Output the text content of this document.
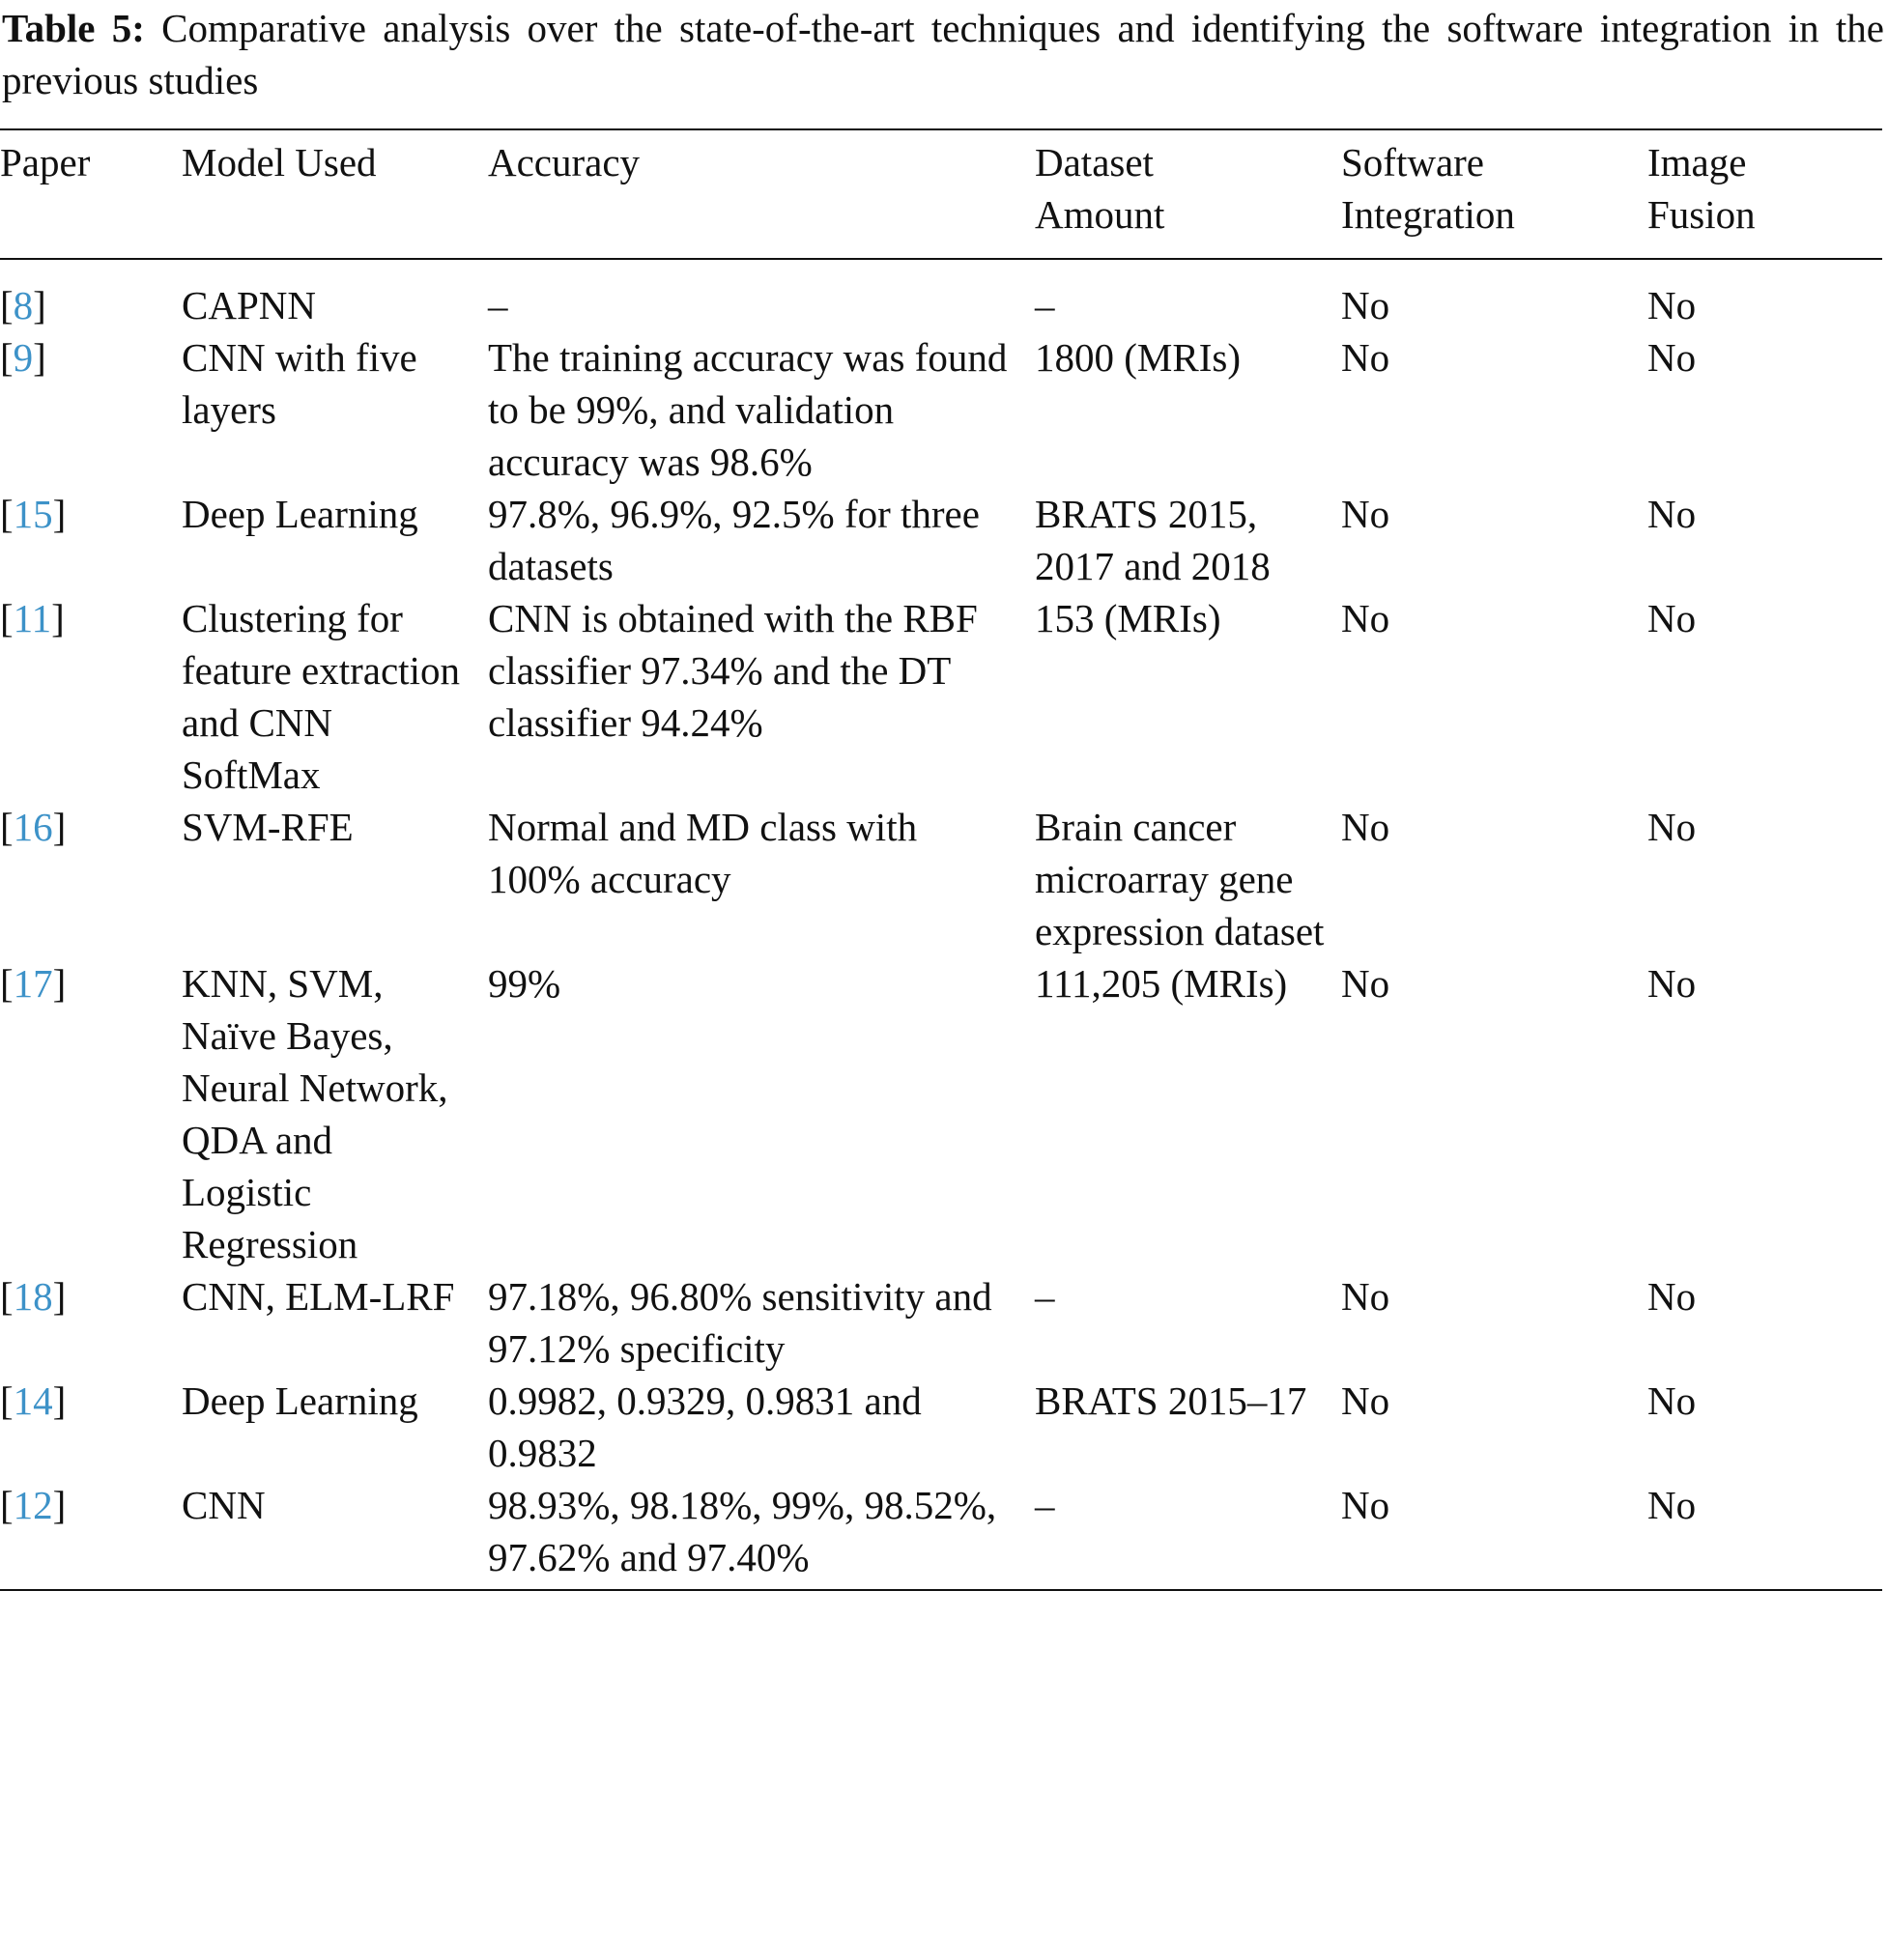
Table 5: Comparative analysis over the state-of-the-art techniques and identifying the software integration in the previous studies

Paper	Model Used	Accuracy	Dataset Amount	Software Integration	Image Fusion
[8]	CAPNN	–	–	No	No
[9]	CNN with five layers	The training accuracy was found to be 99%, and validation accuracy was 98.6%	1800 (MRIs)	No	No
[15]	Deep Learning	97.8%, 96.9%, 92.5% for three datasets	BRATS 2015, 2017 and 2018	No	No
[11]	Clustering for feature extraction and CNN SoftMax	CNN is obtained with the RBF classifier 97.34% and the DT classifier 94.24%	153 (MRIs)	No	No
[16]	SVM-RFE	Normal and MD class with 100% accuracy	Brain cancer microarray gene expression dataset	No	No
[17]	KNN, SVM, Naïve Bayes, Neural Network, QDA and Logistic Regression	99%	111,205 (MRIs)	No	No
[18]	CNN, ELM-LRF	97.18%, 96.80% sensitivity and 97.12% specificity	–	No	No
[14]	Deep Learning	0.9982, 0.9329, 0.9831 and 0.9832	BRATS 2015–17	No	No
[12]	CNN	98.93%, 98.18%, 99%, 98.52%, 97.62% and 97.40%	–	No	No
